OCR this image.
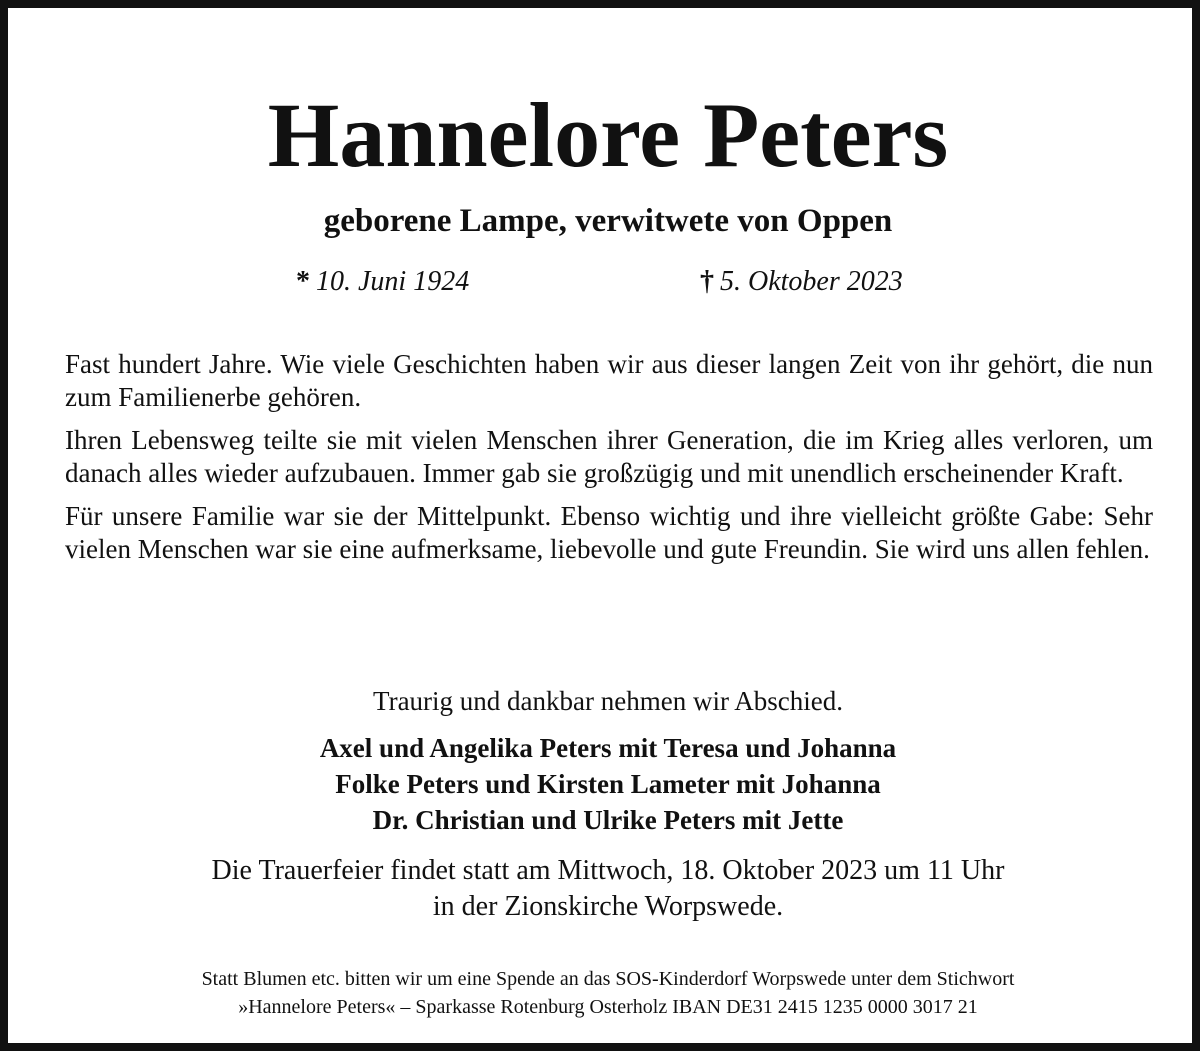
Hannelore Peters
geborene Lampe, verwitwete von Oppen
* 10. Juni 1924	† 5. Oktober 2023

Fast hundert Jahre. Wie viele Geschichten haben wir aus dieser langen Zeit von ihr gehört, die nun zum Familienerbe gehören.

Ihren Lebensweg teilte sie mit vielen Menschen ihrer Generation, die im Krieg alles verloren, um danach alles wieder aufzubauen. Immer gab sie großzügig und mit unendlich erscheinender Kraft.

Für unsere Familie war sie der Mittelpunkt. Ebenso wichtig und ihre vielleicht größte Gabe: Sehr vielen Menschen war sie eine aufmerksame, liebevolle und gute Freundin. Sie wird uns allen fehlen.

Traurig und dankbar nehmen wir Abschied.
Axel und Angelika Peters mit Teresa und Johanna
Folke Peters und Kirsten Lameter mit Johanna
Dr. Christian und Ulrike Peters mit Jette
Die Trauerfeier findet statt am Mittwoch, 18. Oktober 2023 um 11 Uhr
in der Zionskirche Worpswede.
Statt Blumen etc. bitten wir um eine Spende an das SOS-Kinderdorf Worpswede unter dem Stichwort
»Hannelore Peters« – Sparkasse Rotenburg Osterholz IBAN DE31 2415 1235 0000 3017 21
